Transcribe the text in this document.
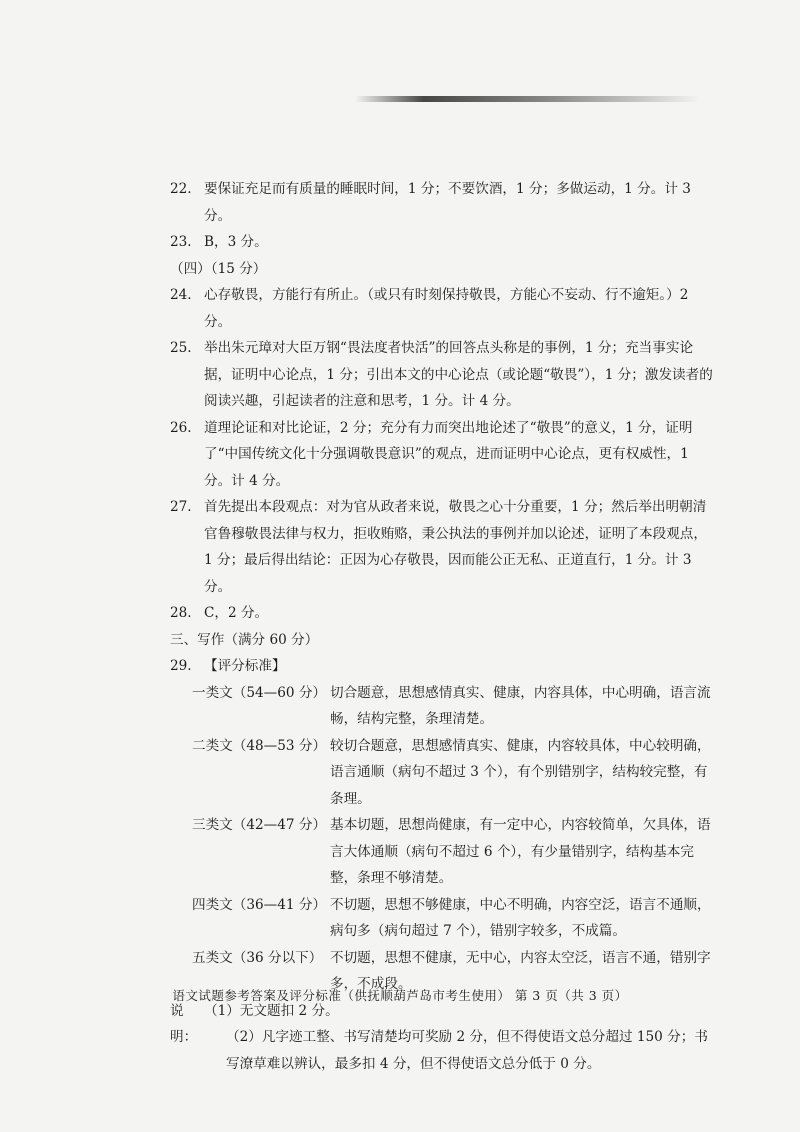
22. 要保证充足而有质量的睡眠时间，1 分；不要饮酒，1 分；多做运动，1 分。计 3 分。
23. B，3 分。
（四）（15 分）
24. 心存敬畏，方能行有所止。（或只有时刻保持敬畏，方能心不妄动、行不逾矩。）2 分。
25. 举出朱元璋对大臣万钢“畏法度者快活”的回答点头称是的事例，1 分；充当事实论据，证明中心论点，1 分；引出本文的中心论点（或论题“敬畏”），1 分；激发读者的阅读兴趣，引起读者的注意和思考，1 分。计 4 分。
26. 道理论证和对比论证，2 分；充分有力而突出地论述了“敬畏”的意义，1 分，证明了“中国传统文化十分强调敬畏意识”的观点，进而证明中心论点，更有权威性，1 分。计 4 分。
27. 首先提出本段观点：对为官从政者来说，敬畏之心十分重要，1 分；然后举出明朝清官鲁穆敬畏法律与权力，拒收贿赂，秉公执法的事例并加以论述，证明了本段观点，1 分；最后得出结论：正因为心存敬畏，因而能公正无私、正道直行，1 分。计 3 分。
28. C，2 分。
三、写作（满分 60 分）
29. 【评分标准】
一类文（54—60 分） 切合题意，思想感情真实、健康，内容具体，中心明确，语言流畅，结构完整，条理清楚。
二类文（48—53 分） 较切合题意，思想感情真实、健康，内容较具体，中心较明确，语言通顺（病句不超过 3 个），有个别错别字，结构较完整，有条理。
三类文（42—47 分） 基本切题，思想尚健康，有一定中心，内容较简单，欠具体，语言大体通顺（病句不超过 6 个），有少量错别字，结构基本完整，条理不够清楚。
四类文（36—41 分） 不切题，思想不够健康，中心不明确，内容空泛，语言不通顺，病句多（病句超过 7 个），错别字较多，不成篇。
五类文（36 分以下） 不切题，思想不健康，无中心，内容太空泛，语言不通，错别字多，不成段。
说明：
（1）无文题扣 2 分。
（2）凡字迹工整、书写清楚均可奖励 2 分，但不得使语文总分超过 150 分；书写潦草难以辨认，最多扣 4 分，但不得使语文总分低于 0 分。
语文试题参考答案及评分标准（供抚顺葫芦岛市考生使用） 第 3 页（共 3 页）
